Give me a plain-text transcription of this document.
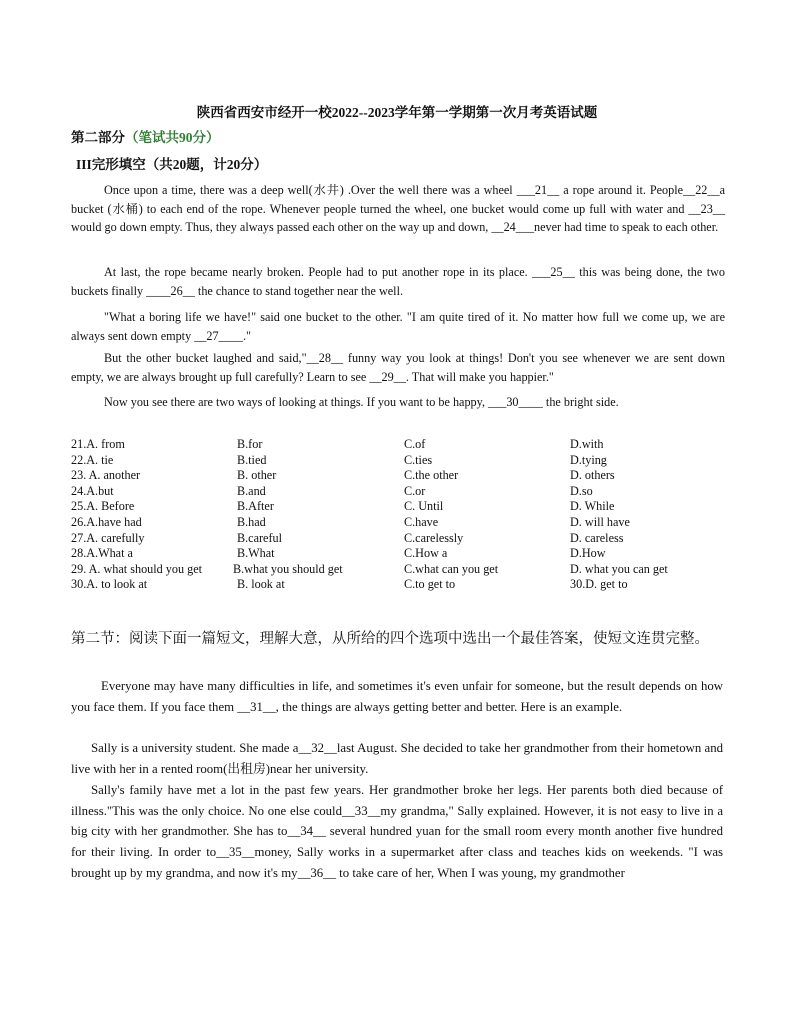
陕西省西安市经开一校2022--2023学年第一学期第一次月考英语试题
第二部分（笔试共90分）
III完形填空（共20题，计20分）
Once upon a time, there was a deep well(水井) .Over the well there was a wheel ___21__ a rope around it. People__22__a bucket (水桶) to each end of the rope. Whenever people turned the wheel, one bucket would come up full with water and __23__ would go down empty. Thus, they always passed each other on the way up and down, __24___never had time to speak to each other.
At last, the rope became nearly broken. People had to put another rope in its place. ___25__ this was being done, the two buckets finally ____26__ the chance to stand together near the well.
"What a boring life we have!" said one bucket to the other. "I am quite tired of it. No matter how full we come up, we are always sent down empty __27____."
But the other bucket laughed and said,"__28__ funny way you look at things! Don't you see whenever we are sent down empty, we are always brought up full carefully? Learn to see __29__. That will make you happier."
Now you see there are two ways of looking at things. If you want to be happy, ___30____ the bright side.
21.A. from	B.for	C.of	D.with
22.A. tie	B.tied	C.ties	D.tying
23. A. another	B. other	C.the other	D. others
24.A.but	B.and	C.or	D.so
25.A. Before	B.After	C. Until	D. While
26.A.have had	B.had	C.have	D. will have
27.A. carefully	B.careful	C.carelessly	D. careless
28.A.What a	B.What	C.How a	D.How
29. A. what should you get	B.what you should get	C.what can you get	D. what you can get
30.A. to look at	B. look at	C.to get to	30.D. get to
第二节：阅读下面一篇短文，理解大意，从所给的四个选项中选出一个最佳答案，使短文连贯完整。
Everyone may have many difficulties in life, and sometimes it's even unfair for someone, but the result depends on how you face them. If you face them __31__, the things are always getting better and better. Here is an example.
Sally is a university student. She made a__32__last August. She decided to take her grandmother from their hometown and live with her in a rented room(出租房)near her university.
Sally's family have met a lot in the past few years. Her grandmother broke her legs. Her parents both died because of illness."This was the only choice. No one else could__33__my grandma," Sally explained. However, it is not easy to live in a big city with her grandmother. She has to__34__ several hundred yuan for the small room every month another five hundred for their living. In order to__35__money, Sally works in a supermarket after class and teaches kids on weekends. "I was brought up by my grandma, and now it's my__36__ to take care of her, When I was young, my grandmother
